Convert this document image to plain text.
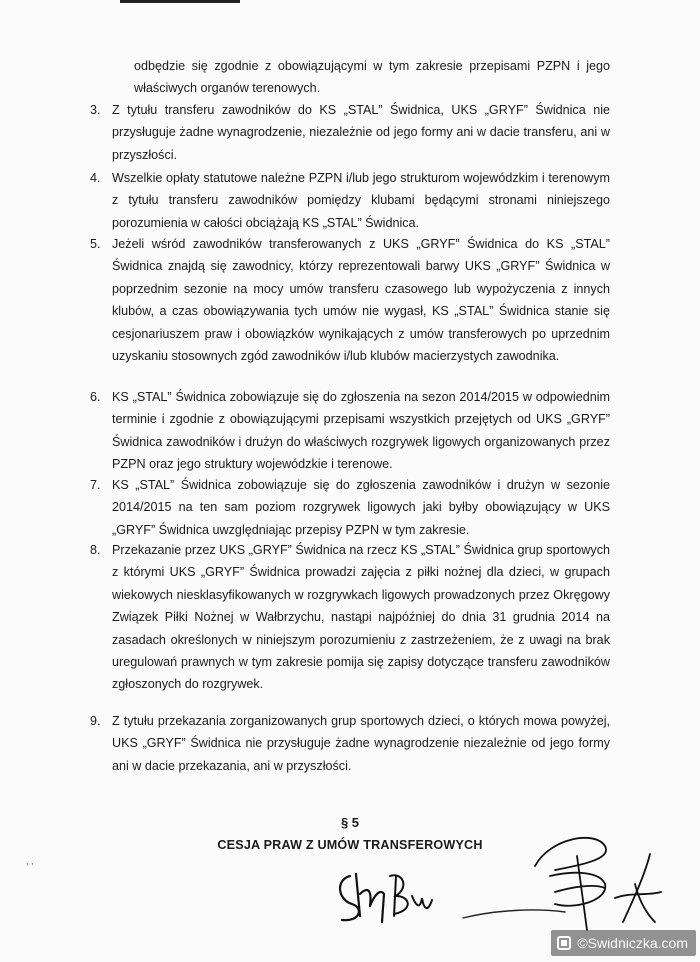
odbędzie się zgodnie z obowiązującymi w tym zakresie przepisami PZPN i jego właściwych organów terenowych.
3. Z tytułu transferu zawodników do KS „STAL” Świdnica, UKS „GRYF” Świdnica nie przysługuje żadne wynagrodzenie, niezależnie od jego formy ani w dacie transferu, ani w przyszłości.
4. Wszelkie opłaty statutowe należne PZPN i/lub jego strukturom wojewódzkim i terenowym z tytułu transferu zawodników pomiędzy klubami będącymi stronami niniejszego porozumienia w całości obciążają KS „STAL” Świdnica.
5. Jeżeli wśród zawodników transferowanych z UKS „GRYF” Świdnica do KS „STAL” Świdnica znajdą się zawodnicy, którzy reprezentowali barwy UKS „GRYF” Świdnica w poprzednim sezonie na mocy umów transferu czasowego lub wypożyczenia z innych klubów, a czas obowiązywania tych umów nie wygasł, KS „STAL” Świdnica stanie się cesjonariuszem praw i obowiązków wynikających z umów transferowych po uprzednim uzyskaniu stosownych zgód zawodników i/lub klubów macierzystych zawodnika.
6. KS „STAL” Świdnica zobowiązuje się do zgłoszenia na sezon 2014/2015 w odpowiednim terminie i zgodnie z obowiązującymi przepisami wszystkich przejętych od UKS „GRYF” Świdnica zawodników i drużyn do właściwych rozgrywek ligowych organizowanych przez PZPN oraz jego struktury wojewódzkie i terenowe.
7. KS „STAL” Świdnica zobowiązuje się do zgłoszenia zawodników i drużyn w sezonie 2014/2015 na ten sam poziom rozgrywek ligowych jaki byłby obowiązujący w UKS „GRYF” Świdnica uwzględniając przepisy PZPN w tym zakresie.
8. Przekazanie przez UKS „GRYF” Świdnica na rzecz KS „STAL” Świdnica grup sportowych z którymi UKS „GRYF” Świdnica prowadzi zajęcia z piłki nożnej dla dzieci, w grupach wiekowych niesklasyfikowanych w rozgrywkach ligowych prowadzonych przez Okręgowy Związek Piłki Nożnej w Wałbrzychu, nastąpi najpóźniej do dnia 31 grudnia 2014 na zasadach określonych w niniejszym porozumieniu z zastrzeżeniem, że z uwagi na brak uregulowań prawnych w tym zakresie pomija się zapisy dotyczące transferu zawodników zgłoszonych do rozgrywek.
9. Z tytułu przekazania zorganizowanych grup sportowych dzieci, o których mowa powyżej, UKS „GRYF” Świdnica nie przysługuje żadne wynagrodzenie niezależnie od jego formy ani w dacie przekazania, ani w przyszłości.
§ 5
CESJA PRAW Z UMÓW TRANSFEROWYCH
, ,
©Swidniczka.com
